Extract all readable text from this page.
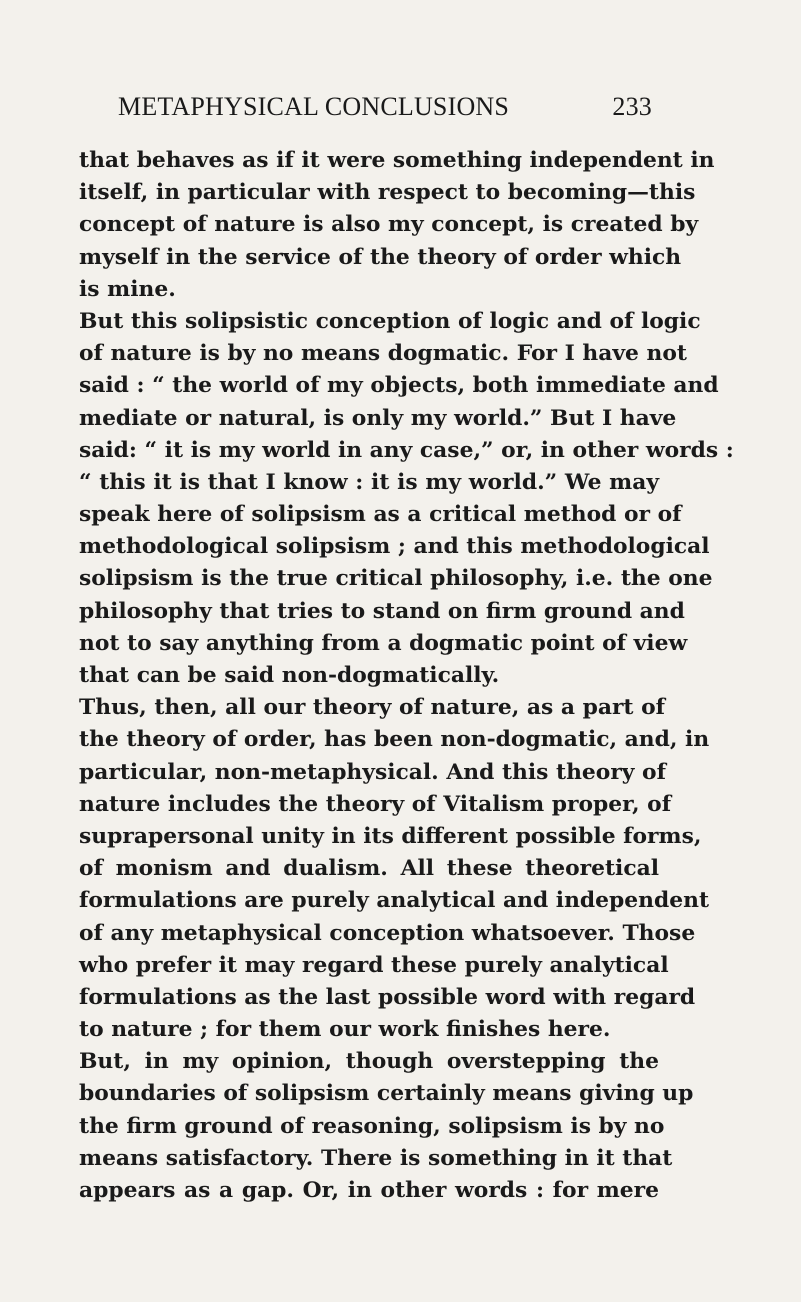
METAPHYSICAL CONCLUSIONS	233
that behaves as if it were something independent in
itself, in particular with respect to becoming—this
concept of nature is also my concept, is created by
myself in the service of the theory of order which
is mine.
But this solipsistic conception of logic and of logic
of nature is by no means dogmatic. For I have not
said : “ the world of my objects, both immediate and
mediate or natural, is only my world.” But I have
said: “ it is my world in any case,” or, in other words :
“ this it is that I know : it is my world.” We may
speak here of solipsism as a critical method or of
methodological solipsism ; and this methodological
solipsism is the true critical philosophy, i.e. the one
philosophy that tries to stand on firm ground and
not to say anything from a dogmatic point of view
that can be said non-dogmatically.
Thus, then, all our theory of nature, as a part of
the theory of order, has been non-dogmatic, and, in
particular, non-metaphysical. And this theory of
nature includes the theory of Vitalism proper, of
suprapersonal unity in its different possible forms,
of monism and dualism. All these theoretical
formulations are purely analytical and independent
of any metaphysical conception whatsoever. Those
who prefer it may regard these purely analytical
formulations as the last possible word with regard
to nature ; for them our work finishes here.
But, in my opinion, though overstepping the
boundaries of solipsism certainly means giving up
the firm ground of reasoning, solipsism is by no
means satisfactory. There is something in it that
appears as a gap. Or, in other words : for mere
